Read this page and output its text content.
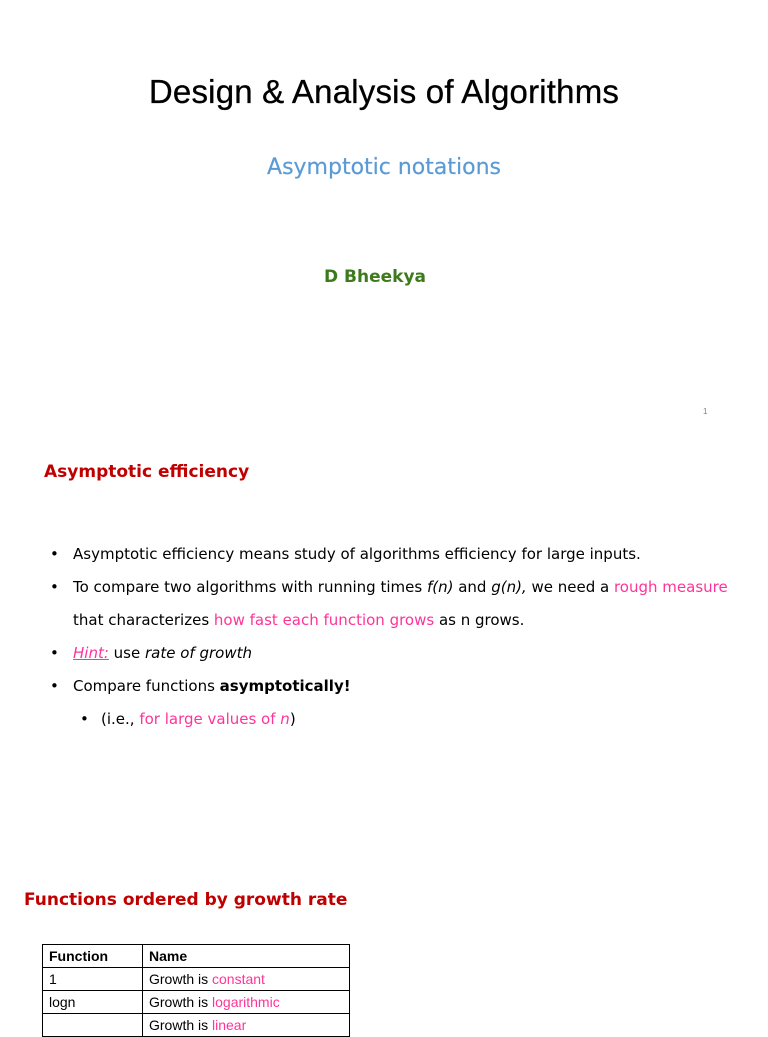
Design & Analysis of Algorithms
Asymptotic notations
D Bheekya
1
Asymptotic efficiency
• Asymptotic efficiency means study of algorithms efficiency for large inputs.
• To compare two algorithms with running times f(n) and g(n), we need a rough measure
that characterizes how fast each function grows as n grows.
• Hint: use rate of growth
• Compare functions asymptotically!
• (i.e., for large values of n)
Functions ordered by growth rate
Function	Name
1	Growth is constant
logn	Growth is logarithmic
	Growth is linear
